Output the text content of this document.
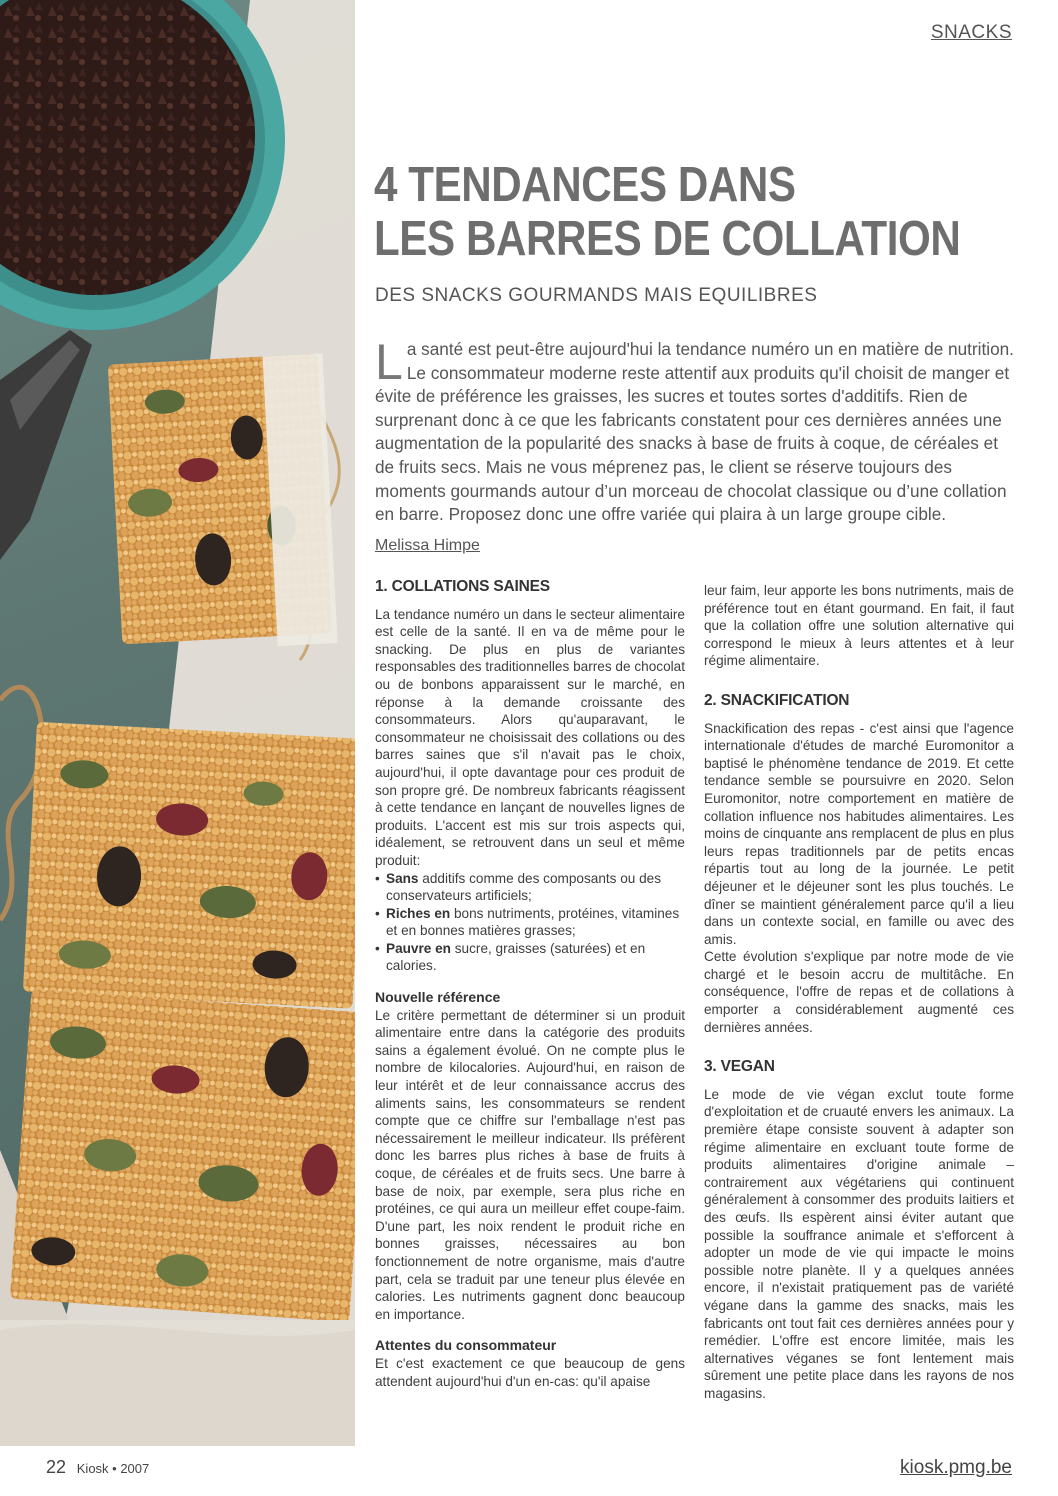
SNACKS
4 TENDANCES DANS
LES BARRES DE COLLATION
DES SNACKS GOURMANDS MAIS EQUILIBRES
La santé est peut-être aujourd'hui la tendance numéro un en matière de nutrition. Le consommateur moderne reste attentif aux produits qu'il choisit de manger et évite de préférence les graisses, les sucres et toutes sortes d'additifs. Rien de surprenant donc à ce que les fabricants constatent pour ces dernières années une augmentation de la popularité des snacks à base de fruits à coque, de céréales et de fruits secs. Mais ne vous méprenez pas, le client se réserve toujours des moments gourmands autour d’un morceau de chocolat classique ou d’une collation en barre. Proposez donc une offre variée qui plaira à un large groupe cible.
Melissa Himpe
1. COLLATIONS SAINES

La tendance numéro un dans le secteur alimentaire est celle de la santé. Il en va de même pour le snacking. De plus en plus de variantes responsables des traditionnelles barres de chocolat ou de bonbons apparaissent sur le marché, en réponse à la demande croissante des consommateurs. Alors qu'auparavant, le consommateur ne choisissait des collations ou des barres saines que s'il n'avait pas le choix, aujourd'hui, il opte davantage pour ces produit de son propre gré. De nombreux fabricants réagissent à cette tendance en lançant de nouvelles lignes de produits. L'accent est mis sur trois aspects qui, idéalement, se retrouvent dans un seul et même produit:

• Sans additifs comme des composants ou des conservateurs artificiels;
• Riches en bons nutriments, protéines, vitamines et en bonnes matières grasses;
• Pauvre en sucre, graisses (saturées) et en calories.
Nouvelle référence

Le critère permettant de déterminer si un produit alimentaire entre dans la catégorie des produits sains a également évolué. On ne compte plus le nombre de kilocalories. Aujourd'hui, en raison de leur intérêt et de leur connaissance accrus des aliments sains, les consommateurs se rendent compte que ce chiffre sur l'emballage n'est pas nécessairement le meilleur indicateur. Ils préfèrent donc les barres plus riches à base de fruits à coque, de céréales et de fruits secs. Une barre à base de noix, par exemple, sera plus riche en protéines, ce qui aura un meilleur effet coupe-faim. D'une part, les noix rendent le produit riche en bonnes graisses, nécessaires au bon fonctionnement de notre organisme, mais d'autre part, cela se traduit par une teneur plus élevée en calories. Les nutriments gagnent donc beaucoup en importance.

Attentes du consommateur

Et c'est exactement ce que beaucoup de gens attendent aujourd'hui d'un en-cas: qu'il apaise

leur faim, leur apporte les bons nutriments, mais de préférence tout en étant gourmand. En fait, il faut que la collation offre une solution alternative qui correspond le mieux à leurs attentes et à leur régime alimentaire.

2. SNACKIFICATION

Snackification des repas - c'est ainsi que l'agence internationale d'études de marché Euromonitor a baptisé le phénomène tendance de 2019. Et cette tendance semble se poursuivre en 2020. Selon Euromonitor, notre comportement en matière de collation influence nos habitudes alimentaires. Les moins de cinquante ans remplacent de plus en plus leurs repas traditionnels par de petits encas répartis tout au long de la journée. Le petit déjeuner et le déjeuner sont les plus touchés. Le dîner se maintient généralement parce qu'il a lieu dans un contexte social, en famille ou avec des amis.

Cette évolution s'explique par notre mode de vie chargé et le besoin accru de multitâche. En conséquence, l'offre de repas et de collations à emporter a considérablement augmenté ces dernières années.

3. VEGAN

Le mode de vie végan exclut toute forme d'exploitation et de cruauté envers les animaux. La première étape consiste souvent à adapter son régime alimentaire en excluant toute forme de produits alimentaires d'origine animale – contrairement aux végétariens qui continuent généralement à consommer des produits laitiers et des œufs. Ils espèrent ainsi éviter autant que possible la souffrance animale et s'efforcent à adopter un mode de vie qui impacte le moins possible notre planète. Il y a quelques années encore, il n'existait pratiquement pas de variété végane dans la gamme des snacks, mais les fabricants ont tout fait ces dernières années pour y remédier. L'offre est encore limitée, mais les alternatives véganes se font lentement mais sûrement une petite place dans les rayons de nos magasins.

22 Kiosk • 2007	kiosk.pmg.be
